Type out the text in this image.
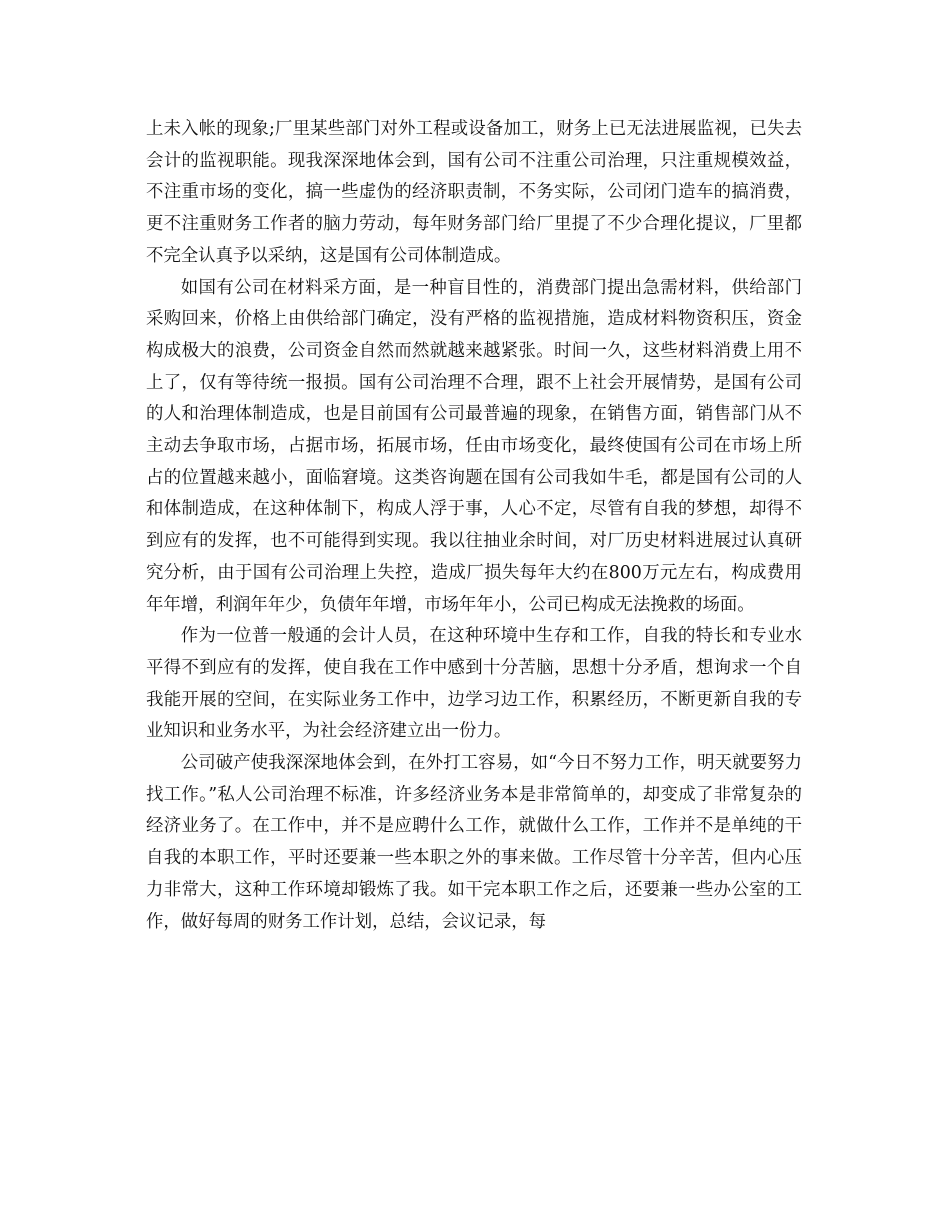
上未入帐的现象;厂里某些部门对外工程或设备加工，财务上已无法进展监视，已失去会计的监视职能。现我深深地体会到，国有公司不注重公司治理，只注重规模效益，不注重市场的变化，搞一些虚伪的经济职责制，不务实际，公司闭门造车的搞消费，更不注重财务工作者的脑力劳动，每年财务部门给厂里提了不少合理化提议，厂里都不完全认真予以采纳，这是国有公司体制造成。

如国有公司在材料采方面，是一种盲目性的，消费部门提出急需材料，供给部门采购回来，价格上由供给部门确定，没有严格的监视措施，造成材料物资积压，资金构成极大的浪费，公司资金自然而然就越来越紧张。时间一久，这些材料消费上用不上了，仅有等待统一报损。国有公司治理不合理，跟不上社会开展情势，是国有公司的人和治理体制造成，也是目前国有公司最普遍的现象，在销售方面，销售部门从不主动去争取市场，占据市场，拓展市场，任由市场变化，最终使国有公司在市场上所占的位置越来越小，面临窘境。这类咨询题在国有公司我如牛毛，都是国有公司的人和体制造成，在这种体制下，构成人浮于事，人心不定，尽管有自我的梦想，却得不到应有的发挥，也不可能得到实现。我以往抽业余时间，对厂历史材料进展过认真研究分析，由于国有公司治理上失控，造成厂损失每年大约在800万元左右，构成费用年年增，利润年年少，负债年年增，市场年年小，公司已构成无法挽救的场面。

作为一位普一般通的会计人员，在这种环境中生存和工作，自我的特长和专业水平得不到应有的发挥，使自我在工作中感到十分苦脑，思想十分矛盾，想询求一个自我能开展的空间，在实际业务工作中，边学习边工作，积累经历，不断更新自我的专业知识和业务水平，为社会经济建立出一份力。

公司破产使我深深地体会到，在外打工容易，如“今日不努力工作，明天就要努力找工作。”私人公司治理不标准，许多经济业务本是非常简单的，却变成了非常复杂的经济业务了。在工作中，并不是应聘什么工作，就做什么工作，工作并不是单纯的干自我的本职工作，平时还要兼一些本职之外的事来做。工作尽管十分辛苦，但内心压力非常大，这种工作环境却锻炼了我。如干完本职工作之后，还要兼一些办公室的工作，做好每周的财务工作计划，总结，会议记录，每
